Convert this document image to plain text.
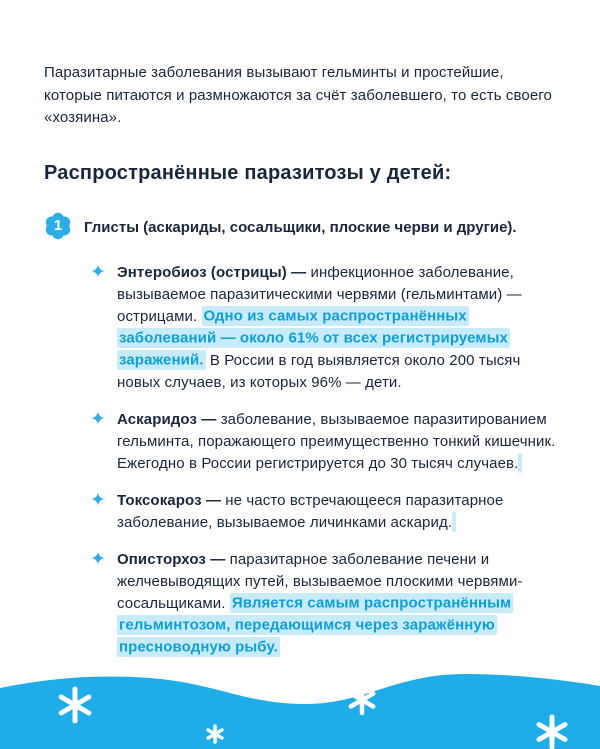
Паразитарные заболевания вызывают гельминты и простейшие, которые питаются и размножаются за счёт заболевшего, то есть своего «хозяина».

Распространённые паразитозы у детей:
1	Глисты (аскариды, сосальщики, плоские черви и другие).

✦ Энтеробиоз (острицы) — инфекционное заболевание, вызываемое паразитическими червями (гельминтами) — острицами. Одно из самых распространённых заболеваний — около 61% от всех регистрируемых заражений. В России в год выявляется около 200 тысяч новых случаев, из которых 96% — дети.

✦ Аскаридоз — заболевание, вызываемое паразитированием гельминта, поражающего преимущественно тонкий кишечник. Ежегодно в России регистрируется до 30 тысяч случаев.

✦ Токсокароз — не часто встречающееся паразитарное заболевание, вызываемое личинками аскарид.

✦ Описторхоз — паразитарное заболевание печени и желчевыводящих путей, вызываемое плоскими червями-сосальщиками. Является самым распространённым гельминтозом, передающимся через заражённую пресноводную рыбу.
